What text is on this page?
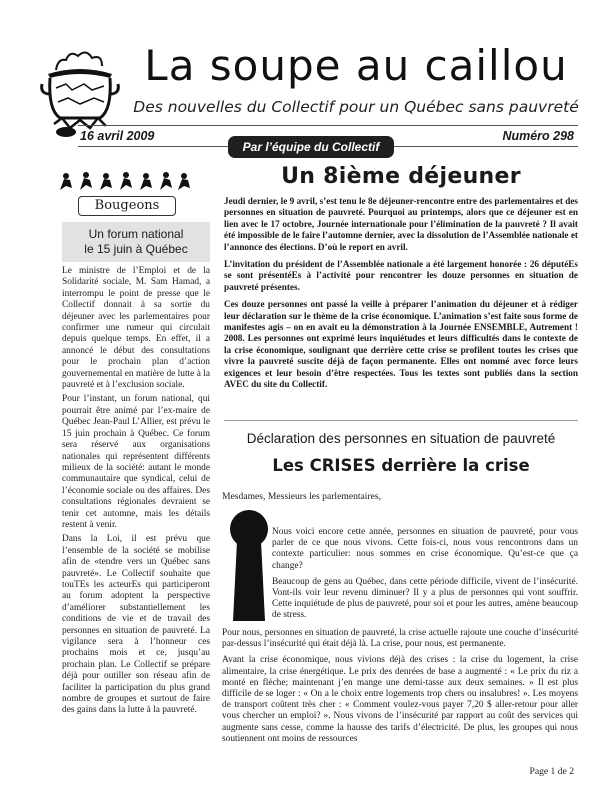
La soupe au caillou
Des nouvelles du Collectif pour un Québec sans pauvreté
16 avril 2009	Numéro 298
Par l’équipe du Collectif
Bougeons
Un forum national
le 15 juin à Québec

Le ministre de l’Emploi et de la Solidarité sociale, M. Sam Hamad, a interrompu le point de presse que le Collectif donnait à sa sortie du déjeuner avec les parlementaires pour confirmer une rumeur qui circulait depuis quelque temps. En effet, il a annoncé le début des consultations pour le prochain plan d’action gouvernemental en matière de lutte à la pauvreté et à l’exclusion sociale.

Pour l’instant, un forum national, qui pourrait être animé par l’ex-maire de Québec Jean-Paul L’Allier, est prévu le 15 juin prochain à Québec. Ce forum sera réservé aux organisations nationales qui représentent différents milieux de la société: autant le monde communautaire que syndical, celui de l’économie sociale ou des affaires. Des consultations régionales devraient se tenir cet automne, mais les détails restent à venir.

Dans la Loi, il est prévu que l’ensemble de la société se mobilise afin de «tendre vers un Québec sans pauvreté». Le Collectif souhaite que touTEs les acteurEs qui participeront au forum adoptent la perspective d’améliorer substantiellement les conditions de vie et de travail des personnes en situation de pauvreté. La vigilance sera à l’honneur ces prochains mois et ce, jusqu’au prochain plan. Le Collectif se prépare déjà pour outiller son réseau afin de faciliter la participation du plus grand nombre de groupes et surtout de faire des gains dans la lutte à la pauvreté.

Un 8ième déjeuner

Jeudi dernier, le 9 avril, s’est tenu le 8e déjeuner-rencontre entre des parlementaires et des personnes en situation de pauvreté. Pourquoi au printemps, alors que ce déjeuner est en lien avec le 17 octobre, Journée internationale pour l’élimination de la pauvreté ? Il avait été impossible de le faire l’automne dernier, avec la dissolution de l’Assemblée nationale et l’annonce des élections. D’où le report en avril.

L’invitation du président de l’Assemblée nationale a été largement honorée : 26 députéEs se sont présentéEs à l’activité pour rencontrer les douze personnes en situation de pauvreté présentes.

Ces douze personnes ont passé la veille à préparer l’animation du déjeuner et à rédiger leur déclaration sur le thème de la crise économique. L’animation s’est faite sous forme de manifestes agis – on en avait eu la démonstration à la Journée ENSEMBLE, Autrement ! 2008. Les personnes ont exprimé leurs inquiétudes et leurs difficultés dans le contexte de la crise économique, soulignant que derrière cette crise se profilent toutes les crises que vivre la pauvreté suscite déjà de façon permanente. Elles ont nommé avec force leurs exigences et leur besoin d’être respectées. Tous les textes sont publiés dans la section AVEC du site du Collectif.

Déclaration des personnes en situation de pauvreté
Les CRISES derrière la crise
Mesdames, Messieurs les parlementaires,

Nous voici encore cette année, personnes en situation de pauvreté, pour vous parler de ce que nous vivons. Cette fois-ci, nous vous rencontrons dans un contexte particulier: nous sommes en crise économique. Qu’est-ce que ça change?

Beaucoup de gens au Québec, dans cette période difficile, vivent de l’insécurité. Vont-ils voir leur revenu diminuer? Il y a plus de personnes qui vont souffrir. Cette inquiétude de plus de pauvreté, pour soi et pour les autres, amène beaucoup de stress.

Pour nous, personnes en situation de pauvreté, la crise actuelle rajoute une couche d’insécurité par-dessus l’insécurité qui était déjà là. La crise, pour nous, est permanente.

Avant la crise économique, nous vivions déjà des crises : la crise du logement, la crise alimentaire, la crise énergétique. Le prix des denrées de base a augmenté : « Le prix du riz a monté en flèche; maintenant j’en mange une demi-tasse aux deux semaines. » Il est plus difficile de se loger : « On a le choix entre logements trop chers ou insalubres! ». Les moyens de transport coûtent très cher : « Comment voulez-vous payer 7,20 $ aller-retour pour aller vous chercher un emploi? ». Nous vivons de l’insécurité par rapport au coût des services qui augmente sans cesse, comme la hausse des tarifs d’électricité. De plus, les groupes qui nous soutiennent ont moins de ressources

Page 1 de 2
